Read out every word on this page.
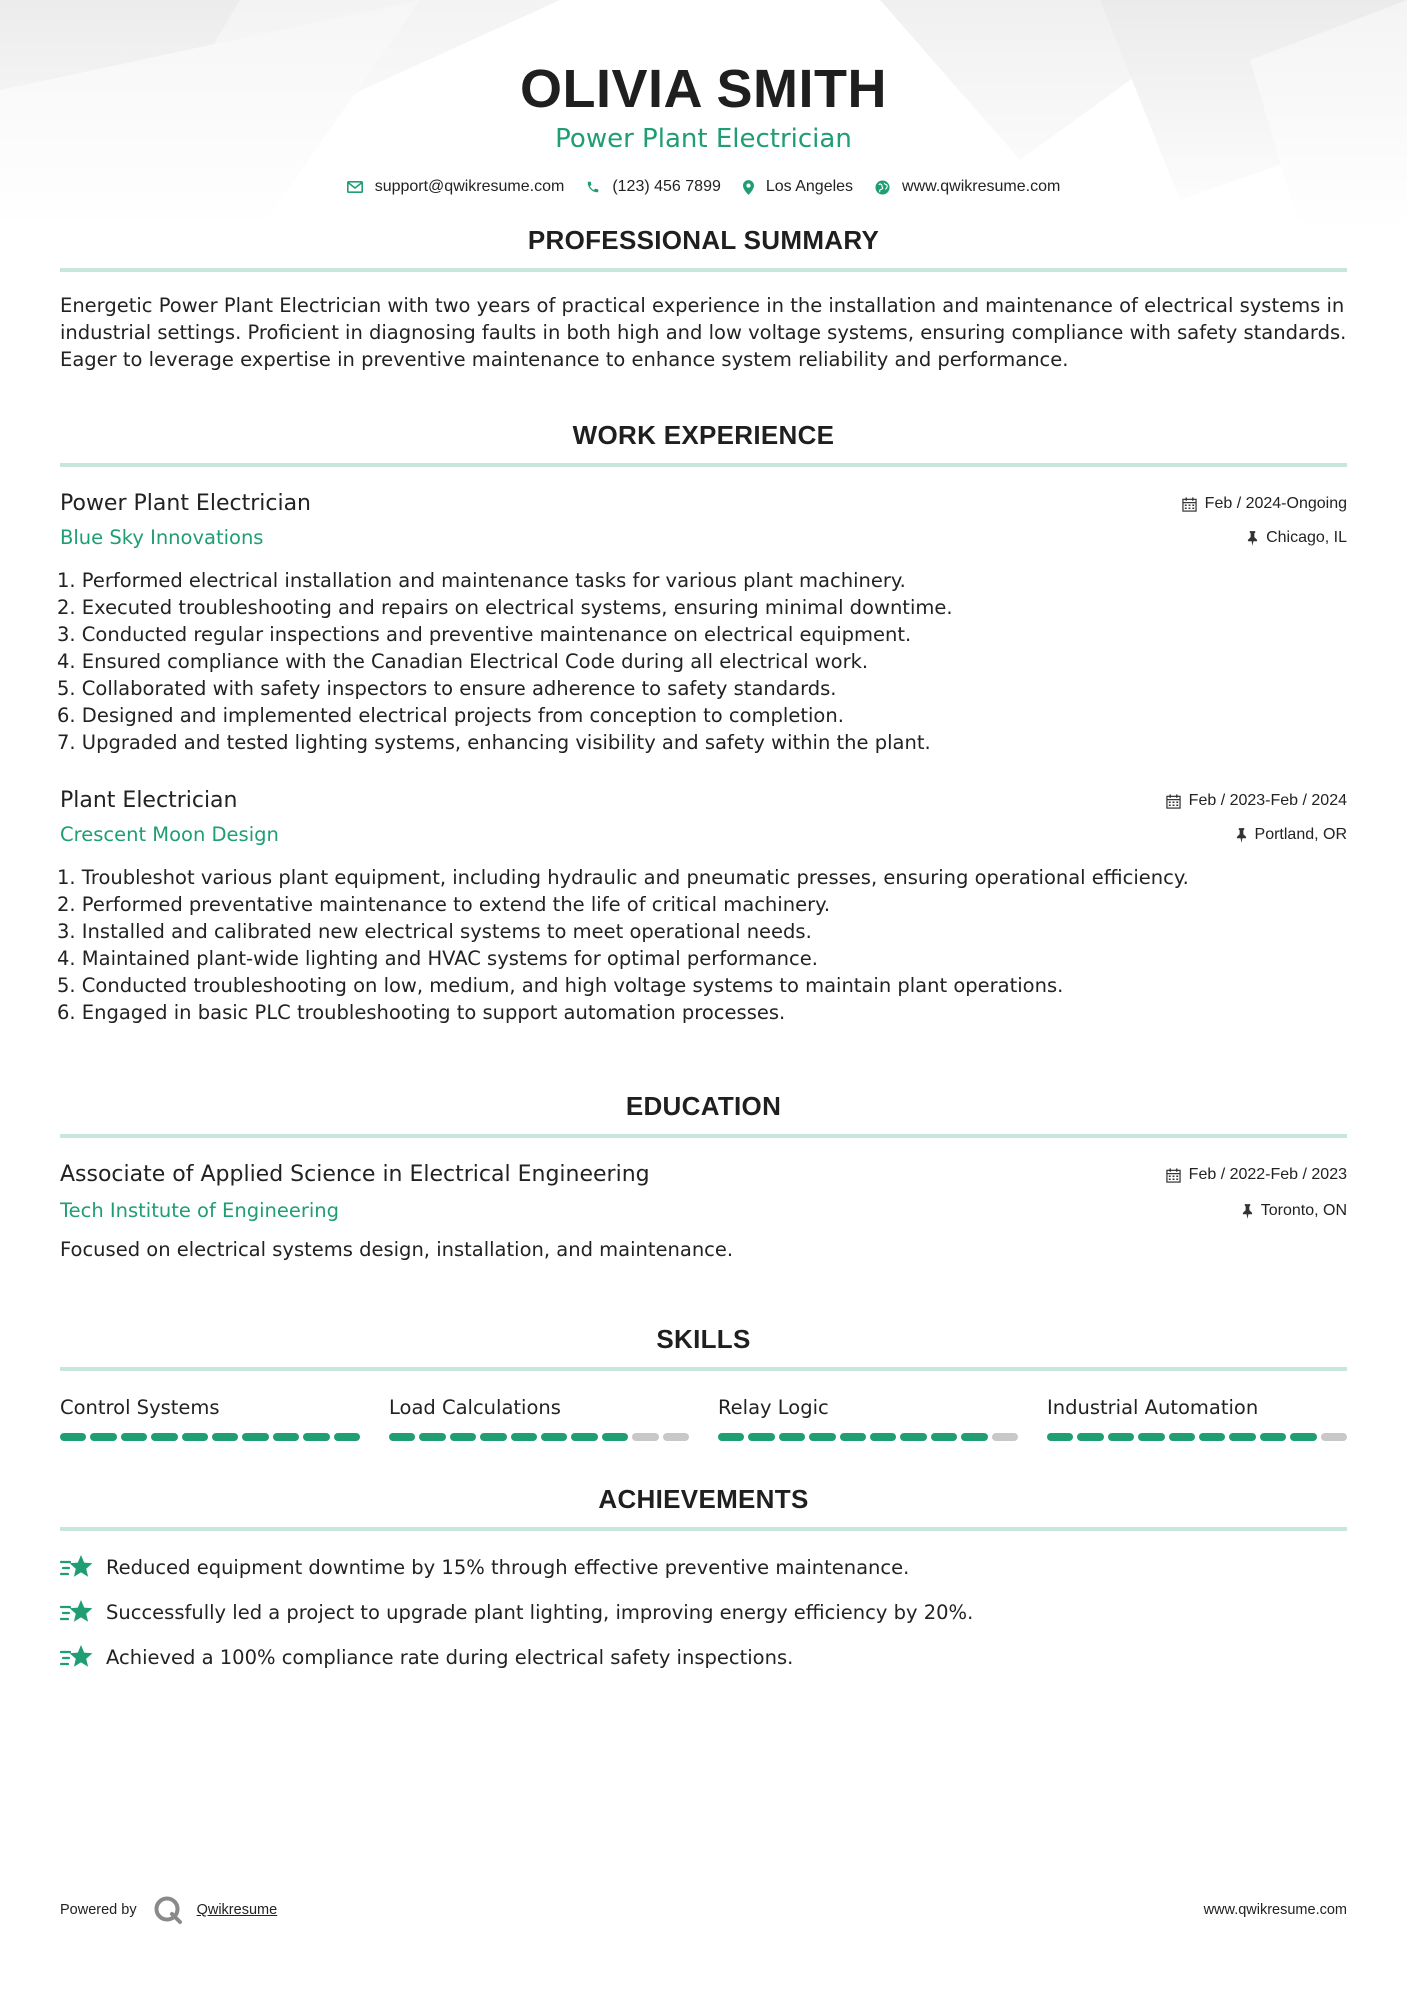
OLIVIA SMITH
Power Plant Electrician
support@qwikresume.com	(123) 456 7899	Los Angeles	www.qwikresume.com
PROFESSIONAL SUMMARY

Energetic Power Plant Electrician with two years of practical experience in the installation and maintenance of electrical systems in industrial settings. Proficient in diagnosing faults in both high and low voltage systems, ensuring compliance with safety standards. Eager to leverage expertise in preventive maintenance to enhance system reliability and performance.

WORK EXPERIENCE
Power Plant Electrician	Feb / 2024-Ongoing
Blue Sky Innovations	Chicago, IL
1. Performed electrical installation and maintenance tasks for various plant machinery.
2. Executed troubleshooting and repairs on electrical systems, ensuring minimal downtime.
3. Conducted regular inspections and preventive maintenance on electrical equipment.
4. Ensured compliance with the Canadian Electrical Code during all electrical work.
5. Collaborated with safety inspectors to ensure adherence to safety standards.
6. Designed and implemented electrical projects from conception to completion.
7. Upgraded and tested lighting systems, enhancing visibility and safety within the plant.
Plant Electrician	Feb / 2023-Feb / 2024
Crescent Moon Design	Portland, OR
1. Troubleshot various plant equipment, including hydraulic and pneumatic presses, ensuring operational efficiency.
2. Performed preventative maintenance to extend the life of critical machinery.
3. Installed and calibrated new electrical systems to meet operational needs.
4. Maintained plant-wide lighting and HVAC systems for optimal performance.
5. Conducted troubleshooting on low, medium, and high voltage systems to maintain plant operations.
6. Engaged in basic PLC troubleshooting to support automation processes.
EDUCATION
Associate of Applied Science in Electrical Engineering	Feb / 2022-Feb / 2023
Tech Institute of Engineering	Toronto, ON

Focused on electrical systems design, installation, and maintenance.

SKILLS
Control Systems	Load Calculations	Relay Logic	Industrial Automation
ACHIEVEMENTS
Reduced equipment downtime by 15% through effective preventive maintenance.
Successfully led a project to upgrade plant lighting, improving energy efficiency by 20%.
Achieved a 100% compliance rate during electrical safety inspections.
Powered by	Qwikresume	www.qwikresume.com
